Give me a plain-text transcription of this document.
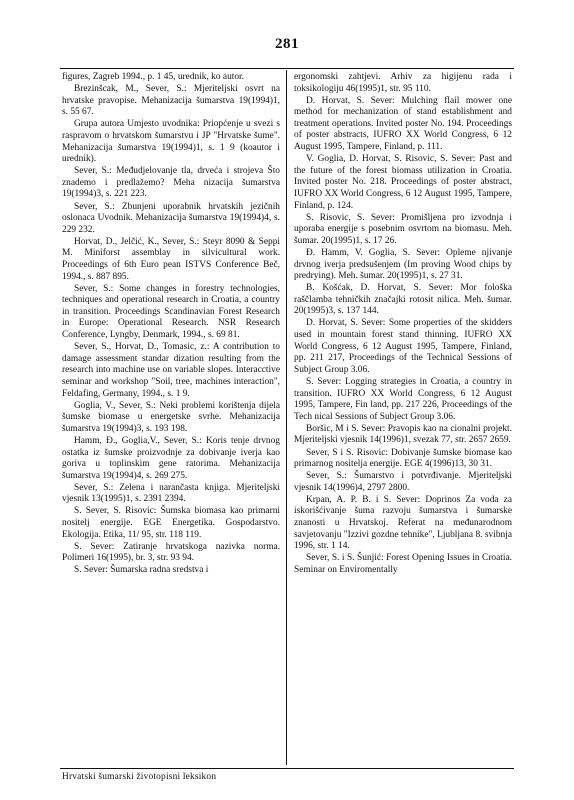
281

figures, Zagreb 1994., p. 1 45, urednik, ko autor.

Brezinšcak, M., Sever, S.: Mjeriteljski osvrt na hrvatske pravopise. Mehanizacija šumarstva 19(1994)1, s. 55 67.

Grupa autora Umjesto uvodnika: Priopćenje u svezi s raspravom o hrvatskom šumarstvu i JP "Hrvatske šume". Mehanizacija šumarstva 19(1994)1, s. 1 9 (koautor i urednik).

Sever, S.: Međudjelovanje tla, drveća i strojeva Što znademo i predlažemo? Meha nizacija šumarstva 19(1994)3, s. 221 223.

Sever, S.: Zbunjeni uporabnik hrvatskih jezičnih oslonaca Uvodnik. Mehanizacija šumarstva 19(1994)4, s. 229 232.

Horvat, D., Jelčić, K., Sever, S.: Steyr 8090 & Seppi M. Miniforst assemblay in silvicultural work. Proceedings of 6th Euro pean ISTVS Conference Beč, 1994., s. 887 895.

Sever, S.: Some changes in forestry technologies, techniques and operational research in Croatia, a country in transition. Proceedings Scandinavian Forest Research in Europe: Operational Research. NSR Research Conference, Lyngby, Denmark, 1994., s. 69 81.

Sever, S., Horvat, D., Tomasic, z.: A contribution to damage assessment standar dization resulting from the research into machine use on variable slopes. Interacctive seminar and workshop "Soil, tree, machines interaction", Feldafing, Germany, 1994., s. 1 9.

Goglia, V., Sever, S.: Neki problemi korištenja dijela šumske biomase u energetske svrhe. Mehanizacija šumarstva 19(1994)3, s. 193 198.

Hamm, Đ., Goglia,V., Sever, S.: Koris tenje drvnog ostatka iz šumske proizvodnje za dobivanje iverja kao goriva u toplinskim gene ratorima. Mehanizacija šumarstva 19(1994)4, s. 269 275.

Sever, S.: Zelena i narančasta knjiga. Mjeriteljski vjesnik 13(1995)1, s. 2391 2394.

S. Sever, S. Risovic: Šumska biomasa kao primarni nositelj energije. EGE Energetika. Gospodarstvo. Ekologija. Etika, 11/ 95, str. 118 119.

S. Sever: Zatiranje hrvatskoga nazivka norma. Polimeri 16(1995), br. 3, str. 93 94.

S. Sever: Šumarska radna sredstva i

ergonomski zahtjevi. Arhiv za higijenu rada i toksikologiju 46(1995)1, str. 95 110.

D. Horvat, S. Sever: Mulching flail mower one method for mechanization of stand establishment and treatment operations. Invited poster No. 194. Proceedings of poster abstracts, IUFRO XX World Congress, 6 12 August 1995, Tampere, Finland, p. 111.

V. Goglia, D. Horvat, S. Risovic, S. Sever: Past and the future of the forest biomass utilization in Croatia. Invited poster No. 218. Proceedings of poster abstract, IUFRO XX World Congress, 6 12 August 1995, Tampere, Finland, p. 124.

S. Risovic, S. Sever: Promišljena pro izvodnja i uporaba energije s posebnim osvrtom na biomasu. Meh. šumar. 20(1995)1, s. 17 26.

Đ. Hamm, V. Goglia, S. Sever: Opleme njivanje drvnog iverja predsušenjem (Im proving Wood chips by predrying). Meh. šumar. 20(1995)1, s. 27 31.

B. Košćak, D. Horvat, S. Sever: Mor fološka raščlamba tehničkih značajki rotosit nilica. Meh. šumar. 20(1995)3, s. 137 144.

D. Horvat, S. Sever: Some properties of the skidders used in mountain forest stand thinning. IUFRO XX World Congress, 6 12 August 1995, Tampere, Finland, pp. 211 217, Proceedings of the Technical Sessions of Subject Group 3.06.

S. Sever: Logging strategies in Croatia, a country in transition. IUFRO XX World Congress, 6 12 August 1995, Tampere, Fin land, pp. 217 226, Proceedings of the Tech nical Sessions of Subject Group 3.06.

Boršic, M i S. Sever: Pravopis kao na cionalni projekt. Mjeriteljski vjesnik 14(1996)1, svezak 77, str. 2657 2659.

Sever, S i S. Risovic: Dobivanje šumske biomase kao primarnog nositelja energije. EGE 4(1996)13, 30 31.

Sever, S.: Šumarstvo i potvrđivanje. Mjeriteljski vjesnik 14(1996)4, 2797 2800.

Krpan, A. P. B. i S. Sever: Doprinos Za voda za iskorišćivanje šuma razvoju šumarstva i šumarske znanosti u Hrvatskoj. Referat na međunarodnom savjetovanju "Izzivi gozdne tehnike", Ljubljana 8. svibnja 1996, str. 1 14.

Sever, S. i S. Šunjić: Forest Opening Issues in Croatia. Seminar on Enviromentally

Hrvatski šumarski životopisni leksikon
